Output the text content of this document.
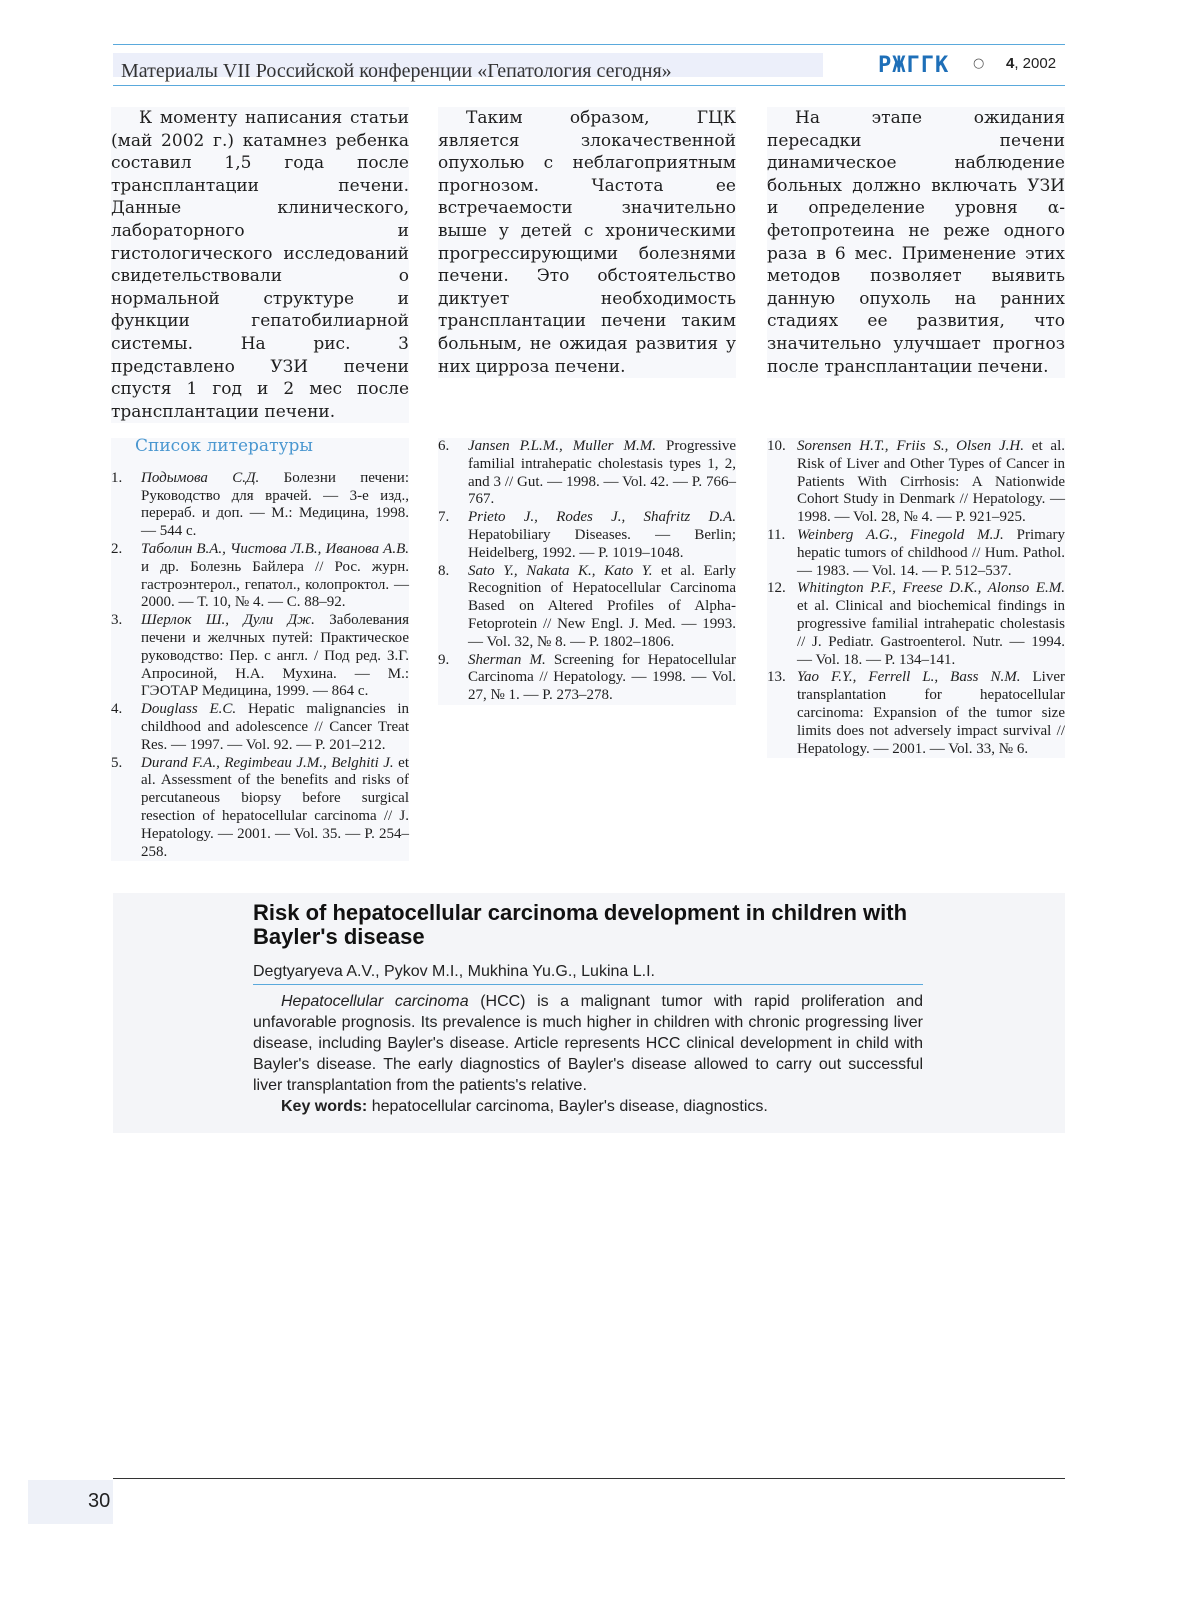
Материалы VII Российской конференции «Гепатология сегодня»	РЖГГК ○ 4, 2002

К моменту написания статьи (май 2002 г.) катамнез ребенка составил 1,5 года после трансплантации печени. Данные клинического, лабораторного и гистологического исследований свидетельствовали о нормальной структуре и функции гепатобилиарной системы. На рис. 3 представлено УЗИ печени спустя 1 год и 2 мес после трансплантации печени.

Таким образом, ГЦК является злокачественной опухолью с неблагоприятным прогнозом. Частота ее встречаемости значительно выше у детей с хроническими прогрессирующими болезнями печени. Это обстоятельство диктует необходимость трансплантации печени таким больным, не ожидая развития у них цирроза печени.

На этапе ожидания пересадки печени динамическое наблюдение больных должно включать УЗИ и определение уровня α-фетопротеина не реже одного раза в 6 мес. Применение этих методов позволяет выявить данную опухоль на ранних стадиях ее развития, что значительно улучшает прогноз после трансплантации печени.

Список литературы
1. Подымова С.Д. Болезни печени: Руководство для врачей. — 3-е изд., перераб. и доп. — М.: Медицина, 1998. — 544 с.
2. Таболин В.А., Чистова Л.В., Иванова А.В. и др. Болезнь Байлера // Рос. журн. гастроэнтерол., гепатол., колопроктол. — 2000. — Т. 10, № 4. — С. 88–92.
3. Шерлок Ш., Дули Дж. Заболевания печени и желчных путей: Практическое руководство: Пер. с англ. / Под ред. З.Г. Апросиной, Н.А. Мухина. — М.: ГЭОТАР Медицина, 1999. — 864 с.
4. Douglass E.C. Hepatic malignancies in childhood and adolescence // Cancer Treat Res. — 1997. — Vol. 92. — P. 201–212.
5. Durand F.A., Regimbeau J.M., Belghiti J. et al. Assessment of the benefits and risks of percutaneous biopsy before surgical resection of hepatocellular carcinoma // J. Hepatology. — 2001. — Vol. 35. — P. 254–258.
6. Jansen P.L.M., Muller M.M. Progressive familial intrahepatic cholestasis types 1, 2, and 3 // Gut. — 1998. — Vol. 42. — P. 766–767.
7. Prieto J., Rodes J., Shafritz D.A. Hepatobiliary Diseases. — Berlin; Heidelberg, 1992. — P. 1019–1048.
8. Sato Y., Nakata K., Kato Y. et al. Early Recognition of Hepatocellular Carcinoma Based on Altered Profiles of Alpha-Fetoprotein // New Engl. J. Med. — 1993. — Vol. 32, № 8. — P. 1802–1806.
9. Sherman M. Screening for Hepatocellular Carcinoma // Hepatology. — 1998. — Vol. 27, № 1. — P. 273–278.
10. Sorensen H.T., Friis S., Olsen J.H. et al. Risk of Liver and Other Types of Cancer in Patients With Cirrhosis: A Nationwide Cohort Study in Denmark // Hepatology. — 1998. — Vol. 28, № 4. — P. 921–925.
11. Weinberg A.G., Finegold M.J. Primary hepatic tumors of childhood // Hum. Pathol. — 1983. — Vol. 14. — P. 512–537.
12. Whitington P.F., Freese D.K., Alonso E.M. et al. Clinical and biochemical findings in progressive familial intrahepatic cholestasis // J. Pediatr. Gastroenterol. Nutr. — 1994. — Vol. 18. — P. 134–141.
13. Yao F.Y., Ferrell L., Bass N.M. Liver transplantation for hepatocellular carcinoma: Expansion of the tumor size limits does not adversely impact survival // Hepatology. — 2001. — Vol. 33, № 6.
Risk of hepatocellular carcinoma development in children with Bayler's disease
Degtyaryeva A.V., Pykov M.I., Mukhina Yu.G., Lukina L.I.

Hepatocellular carcinoma (HCC) is a malignant tumor with rapid proliferation and unfavorable prognosis. Its prevalence is much higher in children with chronic progressing liver disease, including Bayler's disease. Article represents HCC clinical development in child with Bayler's disease. The early diagnostics of Bayler's disease allowed to carry out successful liver transplantation from the patients's relative.

Key words: hepatocellular carcinoma, Bayler's disease, diagnostics.

30
